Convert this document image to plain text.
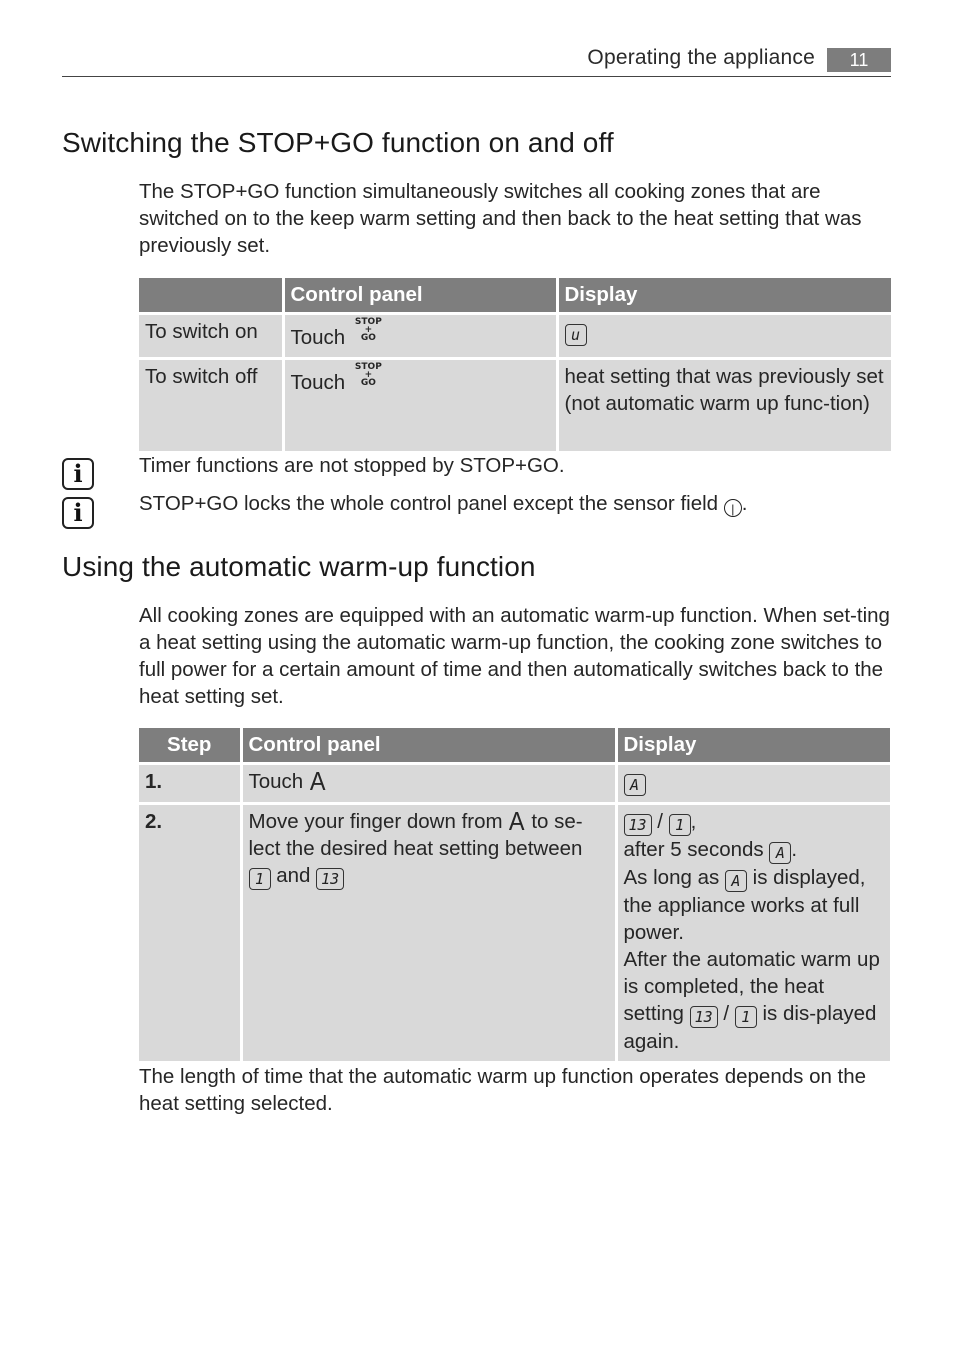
Operating the appliance	11
Switching the STOP+GO function on and off

The STOP+GO function simultaneously switches all cooking zones that are switched on to the keep warm setting and then back to the heat setting that was previously set.

	Control panel	Display
To switch on	Touch STOP
+
GO	u
To switch off	Touch STOP
+
GO	heat setting that was previously set (not automatic warm up func-tion)
i	Timer functions are not stopped by STOP+GO.
i	STOP+GO locks the whole control panel except the sensor field | .
Using the automatic warm-up function

All cooking zones are equipped with an automatic warm-up function. When set-ting a heat setting using the automatic warm-up function, the cooking zone switches to full power for a certain amount of time and then automatically switches back to the heat setting set.

Step	Control panel	Display
1.	Touch A	A
2.	Move your finger down from A to se-lect the desired heat setting between 1 and 13	13 / 1 ,
after 5 seconds A .
As long as A is displayed, the appliance works at full power.
After the automatic warm up is completed, the heat setting 13 / 1 is dis-played again.

The length of time that the automatic warm up function operates depends on the heat setting selected.
